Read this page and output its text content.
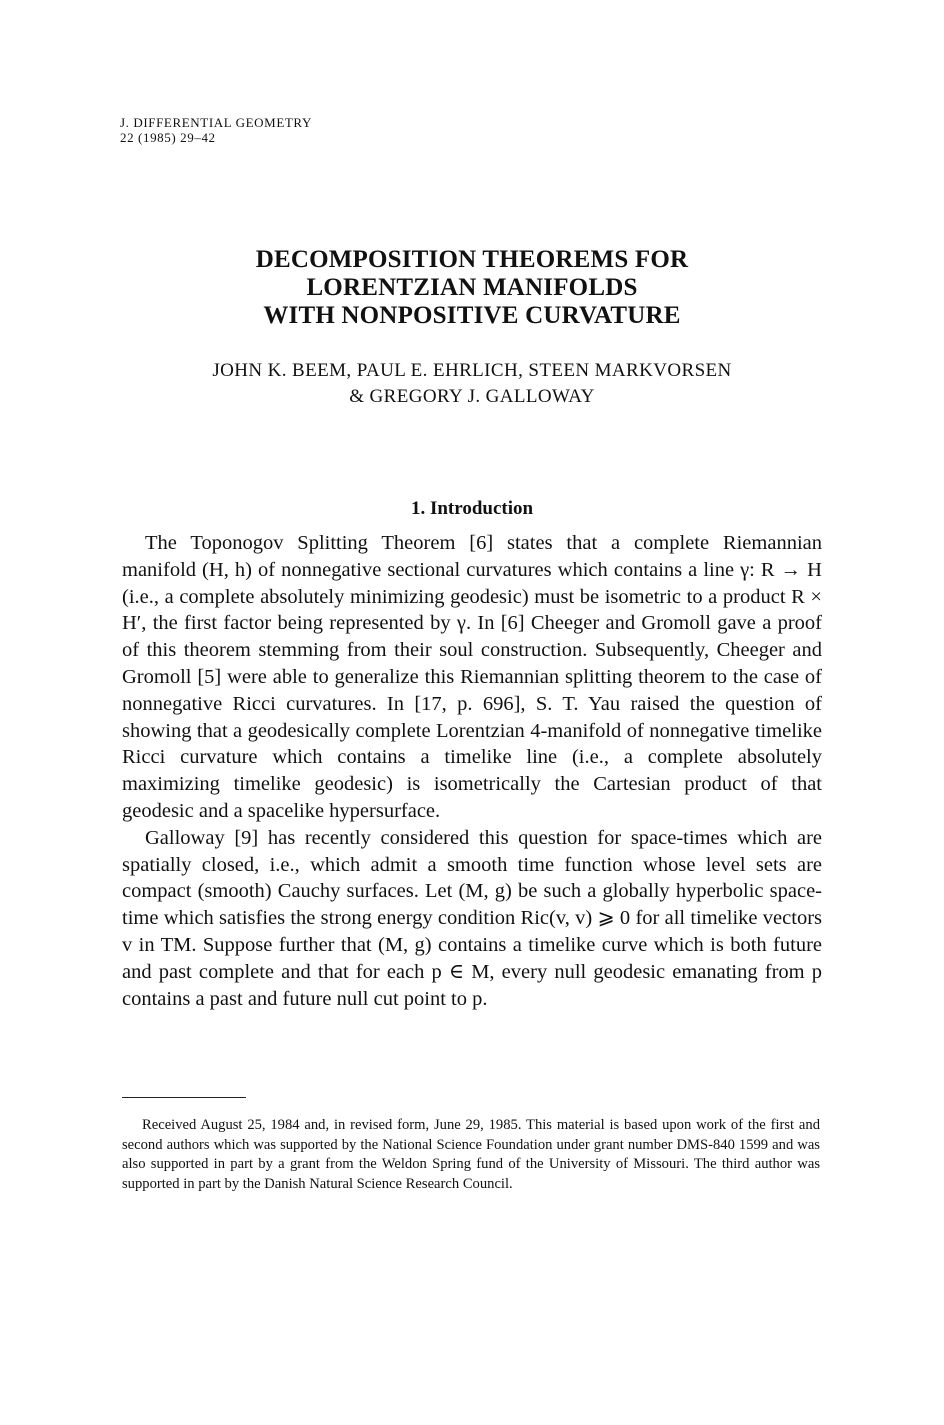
J. DIFFERENTIAL GEOMETRY
22 (1985) 29–42
DECOMPOSITION THEOREMS FOR
LORENTZIAN MANIFOLDS
WITH NONPOSITIVE CURVATURE
JOHN K. BEEM, PAUL E. EHRLICH, STEEN MARKVORSEN
& GREGORY J. GALLOWAY
1. Introduction

The Toponogov Splitting Theorem [6] states that a complete Riemannian manifold (H, h) of nonnegative sectional curvatures which contains a line γ: R → H (i.e., a complete absolutely minimizing geodesic) must be isometric to a product R × H′, the first factor being represented by γ. In [6] Cheeger and Gromoll gave a proof of this theorem stemming from their soul construction. Subsequently, Cheeger and Gromoll [5] were able to generalize this Riemannian splitting theorem to the case of nonnegative Ricci curvatures. In [17, p. 696], S. T. Yau raised the question of showing that a geodesically complete Lorentzian 4-manifold of nonnegative timelike Ricci curvature which contains a timelike line (i.e., a complete absolutely maximizing timelike geodesic) is isometrically the Cartesian product of that geodesic and a spacelike hypersurface.

Galloway [9] has recently considered this question for space-times which are spatially closed, i.e., which admit a smooth time function whose level sets are compact (smooth) Cauchy surfaces. Let (M, g) be such a globally hyperbolic space-time which satisfies the strong energy condition Ric(v, v) ⩾ 0 for all timelike vectors v in TM. Suppose further that (M, g) contains a timelike curve which is both future and past complete and that for each p ∈ M, every null geodesic emanating from p contains a past and future null cut point to p.

Received August 25, 1984 and, in revised form, June 29, 1985. This material is based upon work of the first and second authors which was supported by the National Science Foundation under grant number DMS-840 1599 and was also supported in part by a grant from the Weldon Spring fund of the University of Missouri. The third author was supported in part by the Danish Natural Science Research Council.
